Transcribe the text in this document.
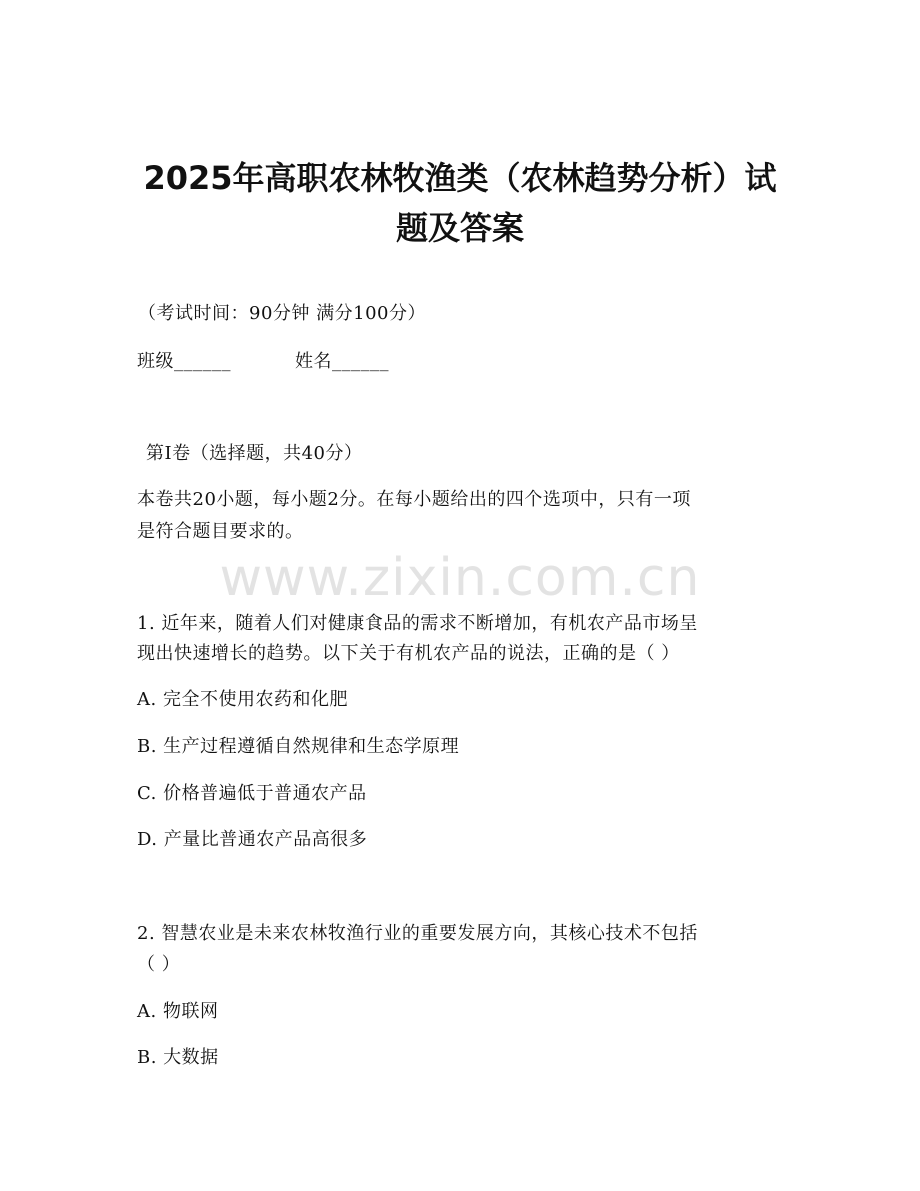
2025年高职农林牧渔类（农林趋势分析）试
题及答案
（考试时间：90分钟 满分100分）
班级______	姓名______
第Ⅰ卷（选择题，共40分）
本卷共20小题，每小题2分。在每小题给出的四个选项中，只有一项
是符合题目要求的。
www.zixin.com.cn
1. 近年来，随着人们对健康食品的需求不断增加，有机农产品市场呈
现出快速增长的趋势。以下关于有机农产品的说法，正确的是（ ）
A. 完全不使用农药和化肥
B. 生产过程遵循自然规律和生态学原理
C. 价格普遍低于普通农产品
D. 产量比普通农产品高很多
2. 智慧农业是未来农林牧渔行业的重要发展方向，其核心技术不包括
（ ）
A. 物联网
B. 大数据
